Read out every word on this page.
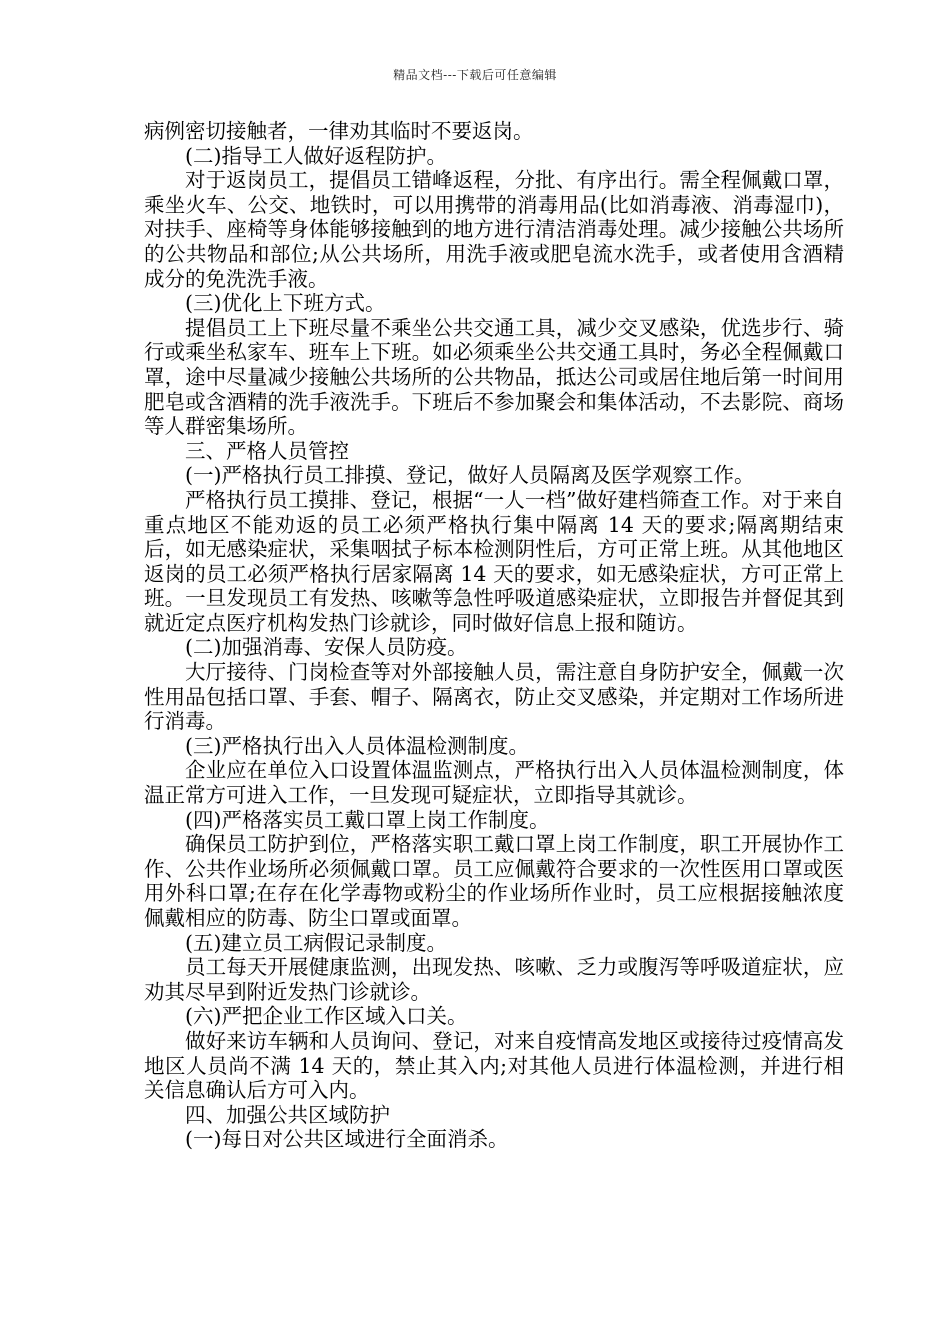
精品文档---下载后可任意编辑

病例密切接触者，一律劝其临时不要返岗。

(二)指导工人做好返程防护。

对于返岗员工，提倡员工错峰返程，分批、有序出行。需全程佩戴口罩，乘坐火车、公交、地铁时，可以用携带的消毒用品(比如消毒液、消毒湿巾)，对扶手、座椅等身体能够接触到的地方进行清洁消毒处理。减少接触公共场所的公共物品和部位;从公共场所，用洗手液或肥皂流水洗手，或者使用含酒精成分的免洗洗手液。

(三)优化上下班方式。

提倡员工上下班尽量不乘坐公共交通工具，减少交叉感染，优选步行、骑行或乘坐私家车、班车上下班。如必须乘坐公共交通工具时，务必全程佩戴口罩，途中尽量减少接触公共场所的公共物品，抵达公司或居住地后第一时间用肥皂或含酒精的洗手液洗手。下班后不参加聚会和集体活动，不去影院、商场等人群密集场所。

三、严格人员管控

(一)严格执行员工排摸、登记，做好人员隔离及医学观察工作。

严格执行员工摸排、登记，根据“一人一档”做好建档筛查工作。对于来自重点地区不能劝返的员工必须严格执行集中隔离 14 天的要求;隔离期结束后，如无感染症状，采集咽拭子标本检测阴性后，方可正常上班。从其他地区返岗的员工必须严格执行居家隔离 14 天的要求，如无感染症状，方可正常上班。一旦发现员工有发热、咳嗽等急性呼吸道感染症状，立即报告并督促其到就近定点医疗机构发热门诊就诊，同时做好信息上报和随访。

(二)加强消毒、安保人员防疫。

大厅接待、门岗检查等对外部接触人员，需注意自身防护安全，佩戴一次性用品包括口罩、手套、帽子、隔离衣，防止交叉感染，并定期对工作场所进行消毒。

(三)严格执行出入人员体温检测制度。

企业应在单位入口设置体温监测点，严格执行出入人员体温检测制度，体温正常方可进入工作，一旦发现可疑症状，立即指导其就诊。

(四)严格落实员工戴口罩上岗工作制度。

确保员工防护到位，严格落实职工戴口罩上岗工作制度，职工开展协作工作、公共作业场所必须佩戴口罩。员工应佩戴符合要求的一次性医用口罩或医用外科口罩;在存在化学毒物或粉尘的作业场所作业时，员工应根据接触浓度佩戴相应的防毒、防尘口罩或面罩。

(五)建立员工病假记录制度。

员工每天开展健康监测，出现发热、咳嗽、乏力或腹泻等呼吸道症状，应劝其尽早到附近发热门诊就诊。

(六)严把企业工作区域入口关。

做好来访车辆和人员询问、登记，对来自疫情高发地区或接待过疫情高发地区人员尚不满 14 天的，禁止其入内;对其他人员进行体温检测，并进行相关信息确认后方可入内。

四、加强公共区域防护

(一)每日对公共区域进行全面消杀。
